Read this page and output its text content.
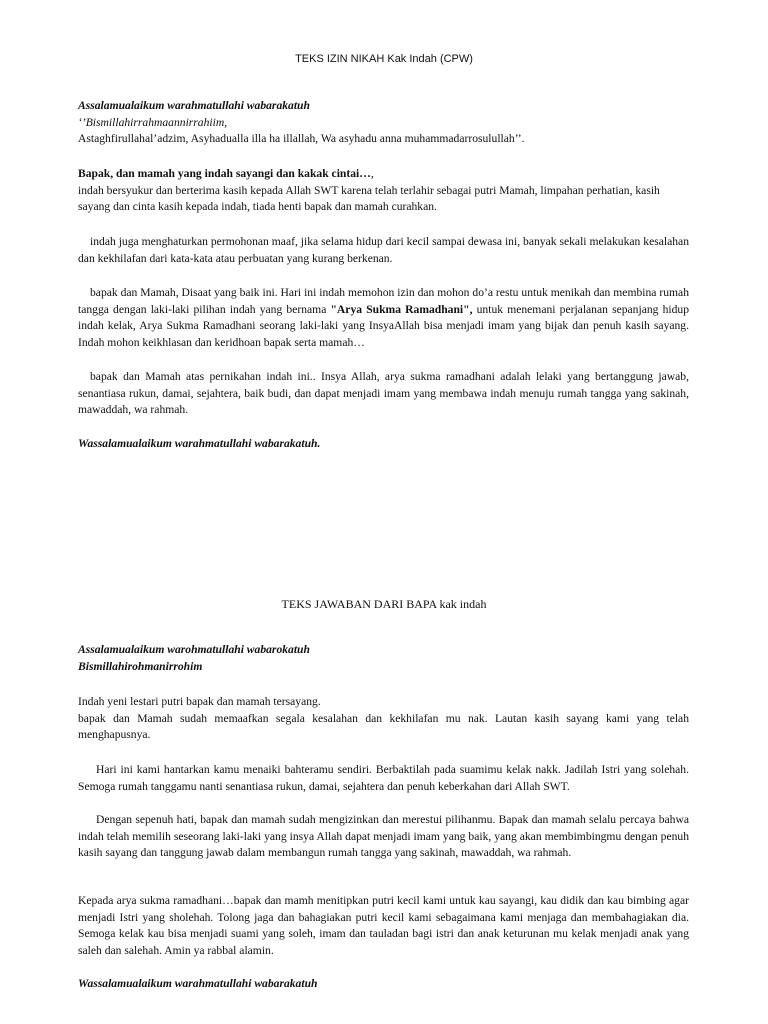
TEKS IZIN NIKAH Kak Indah (CPW)

Assalamualaikum warahmatullahi wabarakatuh

‘’Bismillahirrahmaannirrahiim,

Astaghfirullahal’adzim, Asyhadualla illa ha illallah, Wa asyhadu anna muhammadarrosulullah’’.

Bapak, dan mamah yang indah sayangi dan kakak cintai…,

indah bersyukur dan berterima kasih kepada Allah SWT karena telah terlahir sebagai putri Mamah, limpahan perhatian, kasih sayang dan cinta kasih kepada indah, tiada henti bapak dan mamah curahkan.

indah juga menghaturkan permohonan maaf, jika selama hidup dari kecil sampai dewasa ini, banyak sekali melakukan kesalahan dan kekhilafan dari kata-kata atau perbuatan yang kurang berkenan.
bapak dan Mamah, Disaat yang baik ini. Hari ini indah memohon izin dan mohon do’a restu untuk menikah dan membina rumah tangga dengan laki-laki pilihan indah yang bernama "Arya Sukma Ramadhani", untuk menemani perjalanan sepanjang hidup indah kelak, Arya Sukma Ramadhani seorang laki-laki yang InsyaAllah bisa menjadi imam yang bijak dan penuh kasih sayang. Indah mohon keikhlasan dan keridhoan bapak serta mamah…
bapak dan Mamah atas pernikahan indah ini.. Insya Allah, arya sukma ramadhani adalah lelaki yang bertanggung jawab, senantiasa rukun, damai, sejahtera, baik budi, dan dapat menjadi imam yang membawa indah menuju rumah tangga yang sakinah, mawaddah, wa rahmah.
Wassalamualaikum warahmatullahi wabarakatuh.
TEKS JAWABAN DARI BAPA kak indah

Assalamualaikum warohmatullahi wabarokatuh

Bismillahirohmanirrohim

Indah yeni lestari putri bapak dan mamah tersayang.

bapak dan Mamah sudah memaafkan segala kesalahan dan kekhilafan mu nak. Lautan kasih sayang kami yang telah menghapusnya.

Hari ini kami hantarkan kamu menaiki bahteramu sendiri. Berbaktilah pada suamimu kelak nakk. Jadilah Istri yang solehah. Semoga rumah tanggamu nanti senantiasa rukun, damai, sejahtera dan penuh keberkahan dari Allah SWT.
Dengan sepenuh hati, bapak dan mamah sudah mengizinkan dan merestui pilihanmu. Bapak dan mamah selalu percaya bahwa indah telah memilih seseorang laki-laki yang insya Allah dapat menjadi imam yang baik, yang akan membimbingmu dengan penuh kasih sayang dan tanggung jawab dalam membangun rumah tangga yang sakinah, mawaddah, wa rahmah.
Kepada arya sukma ramadhani…bapak dan mamh menitipkan putri kecil kami untuk kau sayangi, kau didik dan kau bimbing agar menjadi Istri yang sholehah. Tolong jaga dan bahagiakan putri kecil kami sebagaimana kami menjaga dan membahagiakan dia. Semoga kelak kau bisa menjadi suami yang soleh, imam dan tauladan bagi istri dan anak keturunan mu kelak menjadi anak yang saleh dan salehah. Amin ya rabbal alamin.
Wassalamualaikum warahmatullahi wabarakatuh
